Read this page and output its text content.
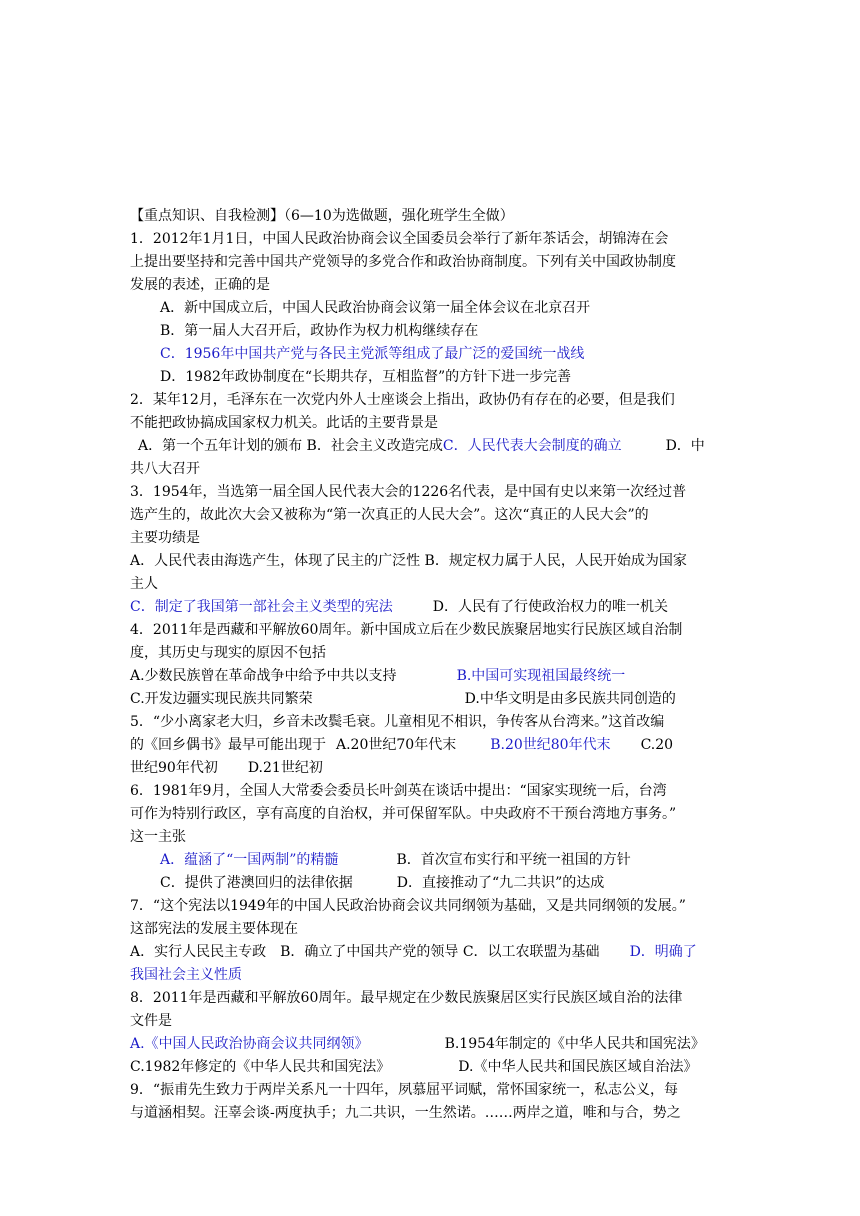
【重点知识、自我检测】（6—10为选做题，强化班学生全做）
1．2012年1月1日，中国人民政治协商会议全国委员会举行了新年茶话会，胡锦涛在会
上提出要坚持和完善中国共产党领导的多党合作和政治协商制度。下列有关中国政协制度
发展的表述，正确的是
A．新中国成立后，中国人民政治协商会议第一届全体会议在北京召开
B．第一届人大召开后，政协作为权力机构继续存在
C．1956年中国共产党与各民主党派等组成了最广泛的爱国统一战线
D．1982年政协制度在“长期共存，互相监督”的方针下进一步完善
2．某年12月，毛泽东在一次党内外人士座谈会上指出，政协仍有存在的必要，但是我们
不能把政协搞成国家权力机关。此话的主要背景是
A．第一个五年计划的颁布 B．社会主义改造完成C．人民代表大会制度的确立	D．中
共八大召开
3．1954年，当选第一届全国人民代表大会的1226名代表，是中国有史以来第一次经过普
选产生的，故此次大会又被称为“第一次真正的人民大会”。这次“真正的人民大会”的
主要功绩是
A．人民代表由海选产生，体现了民主的广泛性 B．规定权力属于人民，人民开始成为国家
主人
C．制定了我国第一部社会主义类型的宪法	D．人民有了行使政治权力的唯一机关
4．2011年是西藏和平解放60周年。新中国成立后在少数民族聚居地实行民族区域自治制
度，其历史与现实的原因不包括
A.少数民族曾在革命战争中给予中共以支持	B.中国可实现祖国最终统一
C.开发边疆实现民族共同繁荣	D.中华文明是由多民族共同创造的
5．“少小离家老大归，乡音未改鬓毛衰。儿童相见不相识，争传客从台湾来。”这首改编
的《回乡偶书》最早可能出现于 A.20世纪70年代末 B.20世纪80年代末 C.20
世纪90年代初 D.21世纪初
6．1981年9月，全国人大常委会委员长叶剑英在谈话中提出：“国家实现统一后，台湾
可作为特别行政区，享有高度的自治权，并可保留军队。中央政府不干预台湾地方事务。”
这一主张
A．蕴涵了“一国两制”的精髓	B．首次宣布实行和平统一祖国的方针
C．提供了港澳回归的法律依据	D．直接推动了“九二共识”的达成
7．“这个宪法以1949年的中国人民政治协商会议共同纲领为基础，又是共同纲领的发展。”
这部宪法的发展主要体现在
A．实行人民民主专政　B．确立了中国共产党的领导 C．以工农联盟为基础 D．明确了
我国社会主义性质
8．2011年是西藏和平解放60周年。最早规定在少数民族聚居区实行民族区域自治的法律
文件是
A.《中国人民政治协商会议共同纲领》	B.1954年制定的《中华人民共和国宪法》
C.1982年修定的《中华人民共和国宪法》	D.《中华人民共和国民族区域自治法》
9．“振甫先生致力于两岸关系凡一十四年，夙慕屈平词赋，常怀国家统一，私志公义，每
与道涵相契。汪辜会谈-两度执手；九二共识，一生然诺。……两岸之道，唯和与合，势之
